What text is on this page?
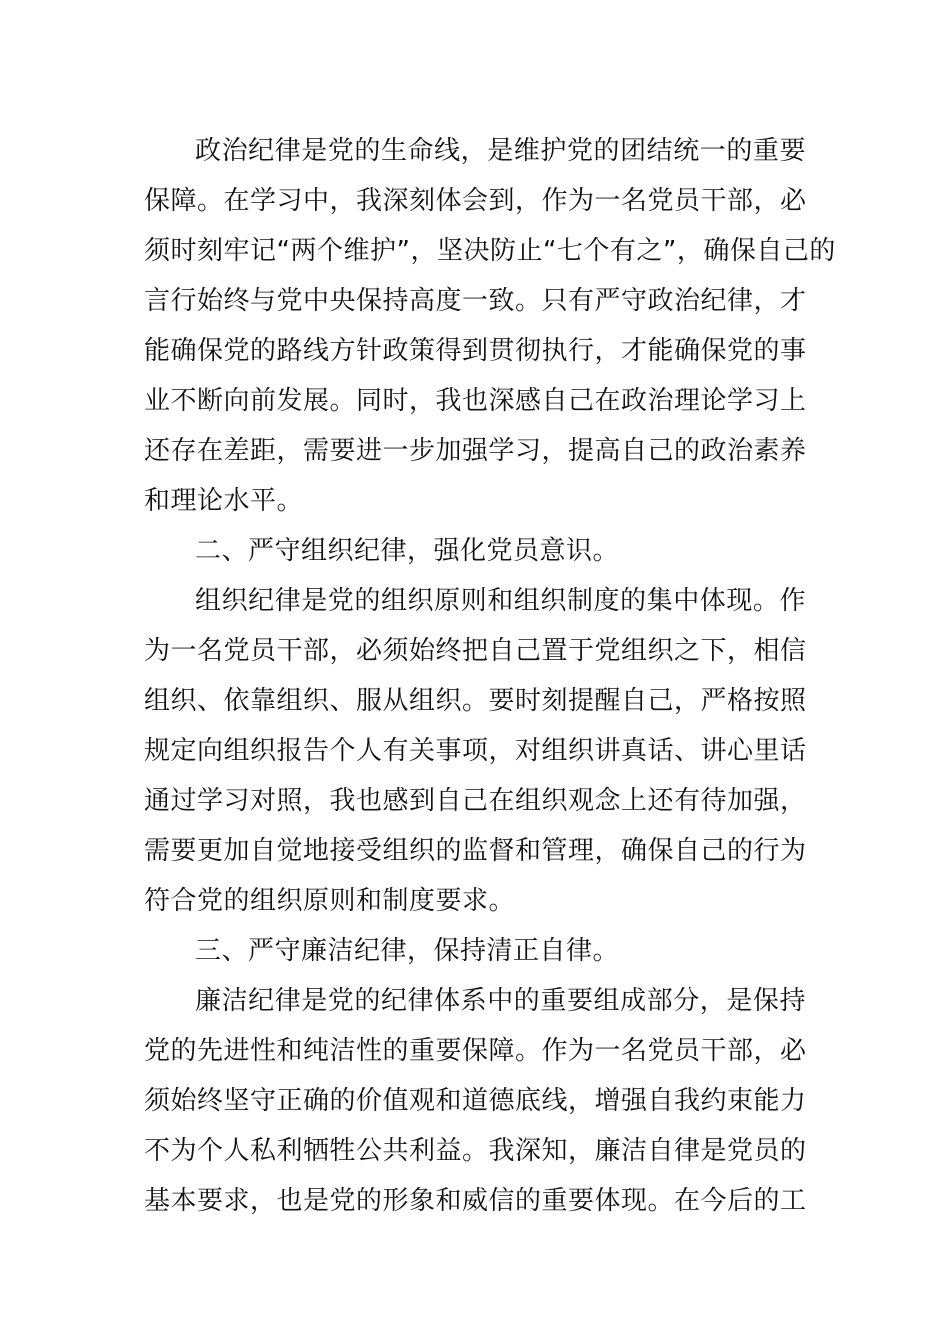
政治纪律是党的生命线，是维护党的团结统一的重要
保障。在学习中，我深刻体会到，作为一名党员干部，必
须时刻牢记“两个维护”，坚决防止“七个有之”，确保自己的
言行始终与党中央保持高度一致。只有严守政治纪律，才
能确保党的路线方针政策得到贯彻执行，才能确保党的事
业不断向前发展。同时，我也深感自己在政治理论学习上
还存在差距，需要进一步加强学习，提高自己的政治素养
和理论水平。
二、严守组织纪律，强化党员意识。
组织纪律是党的组织原则和组织制度的集中体现。作
为一名党员干部，必须始终把自己置于党组织之下，相信
组织、依靠组织、服从组织。要时刻提醒自己，严格按照
规定向组织报告个人有关事项，对组织讲真话、讲心里话
通过学习对照，我也感到自己在组织观念上还有待加强，
需要更加自觉地接受组织的监督和管理，确保自己的行为
符合党的组织原则和制度要求。
三、严守廉洁纪律，保持清正自律。
廉洁纪律是党的纪律体系中的重要组成部分，是保持
党的先进性和纯洁性的重要保障。作为一名党员干部，必
须始终坚守正确的价值观和道德底线，增强自我约束能力
不为个人私利牺牲公共利益。我深知，廉洁自律是党员的
基本要求，也是党的形象和威信的重要体现。在今后的工
